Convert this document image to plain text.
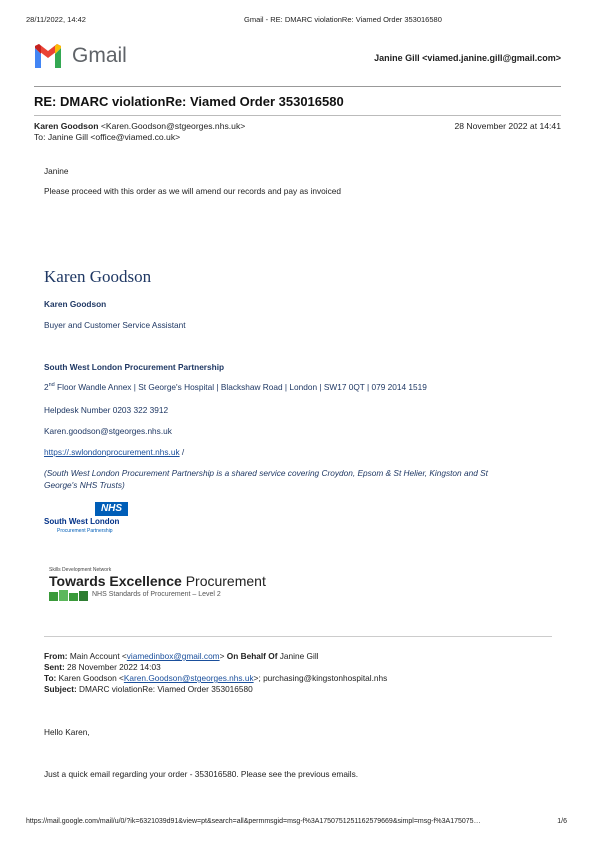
28/11/2022, 14:42	Gmail - RE: DMARC violationRe: Viamed Order 353016580
Gmail	Janine Gill <viamed.janine.gill@gmail.com>
RE: DMARC violationRe: Viamed Order 353016580
Karen Goodson <Karen.Goodson@stgeorges.nhs.uk>	28 November 2022 at 14:41
To: Janine Gill <office@viamed.co.uk>
Janine
Please proceed with this order as we will amend our records and pay as invoiced
Karen Goodson
Karen Goodson
Buyer and Customer Service Assistant
South West London Procurement Partnership
2nd Floor Wandle Annex | St George's Hospital | Blackshaw Road | London | SW17 0QT | 079 2014 1519
Helpdesk Number 0203 322 3912
Karen.goodson@stgeorges.nhs.uk
https://.swlondonprocurement.nhs.uk /
(South West London Procurement Partnership is a shared service covering Croydon, Epsom & St Helier, Kingston and St
George's NHS Trusts)
NHS
South West London
Procurement Partnership
Skills Development Network
Towards Excellence Procurement
NHS Standards of Procurement – Level 2
From: Main Account <viamedinbox@gmail.com> On Behalf Of Janine Gill
Sent: 28 November 2022 14:03
To: Karen Goodson <Karen.Goodson@stgeorges.nhs.uk>; purchasing@kingstonhospital.nhs
Subject: DMARC violationRe: Viamed Order 353016580
Hello Karen,
Just a quick email regarding your order - 353016580. Please see the previous emails.
https://mail.google.com/mail/u/0/?ik=6321039d91&view=pt&search=all&permmsgid=msg-f%3A1750751251162579669&simpl=msg-f%3A175075…	1/6
